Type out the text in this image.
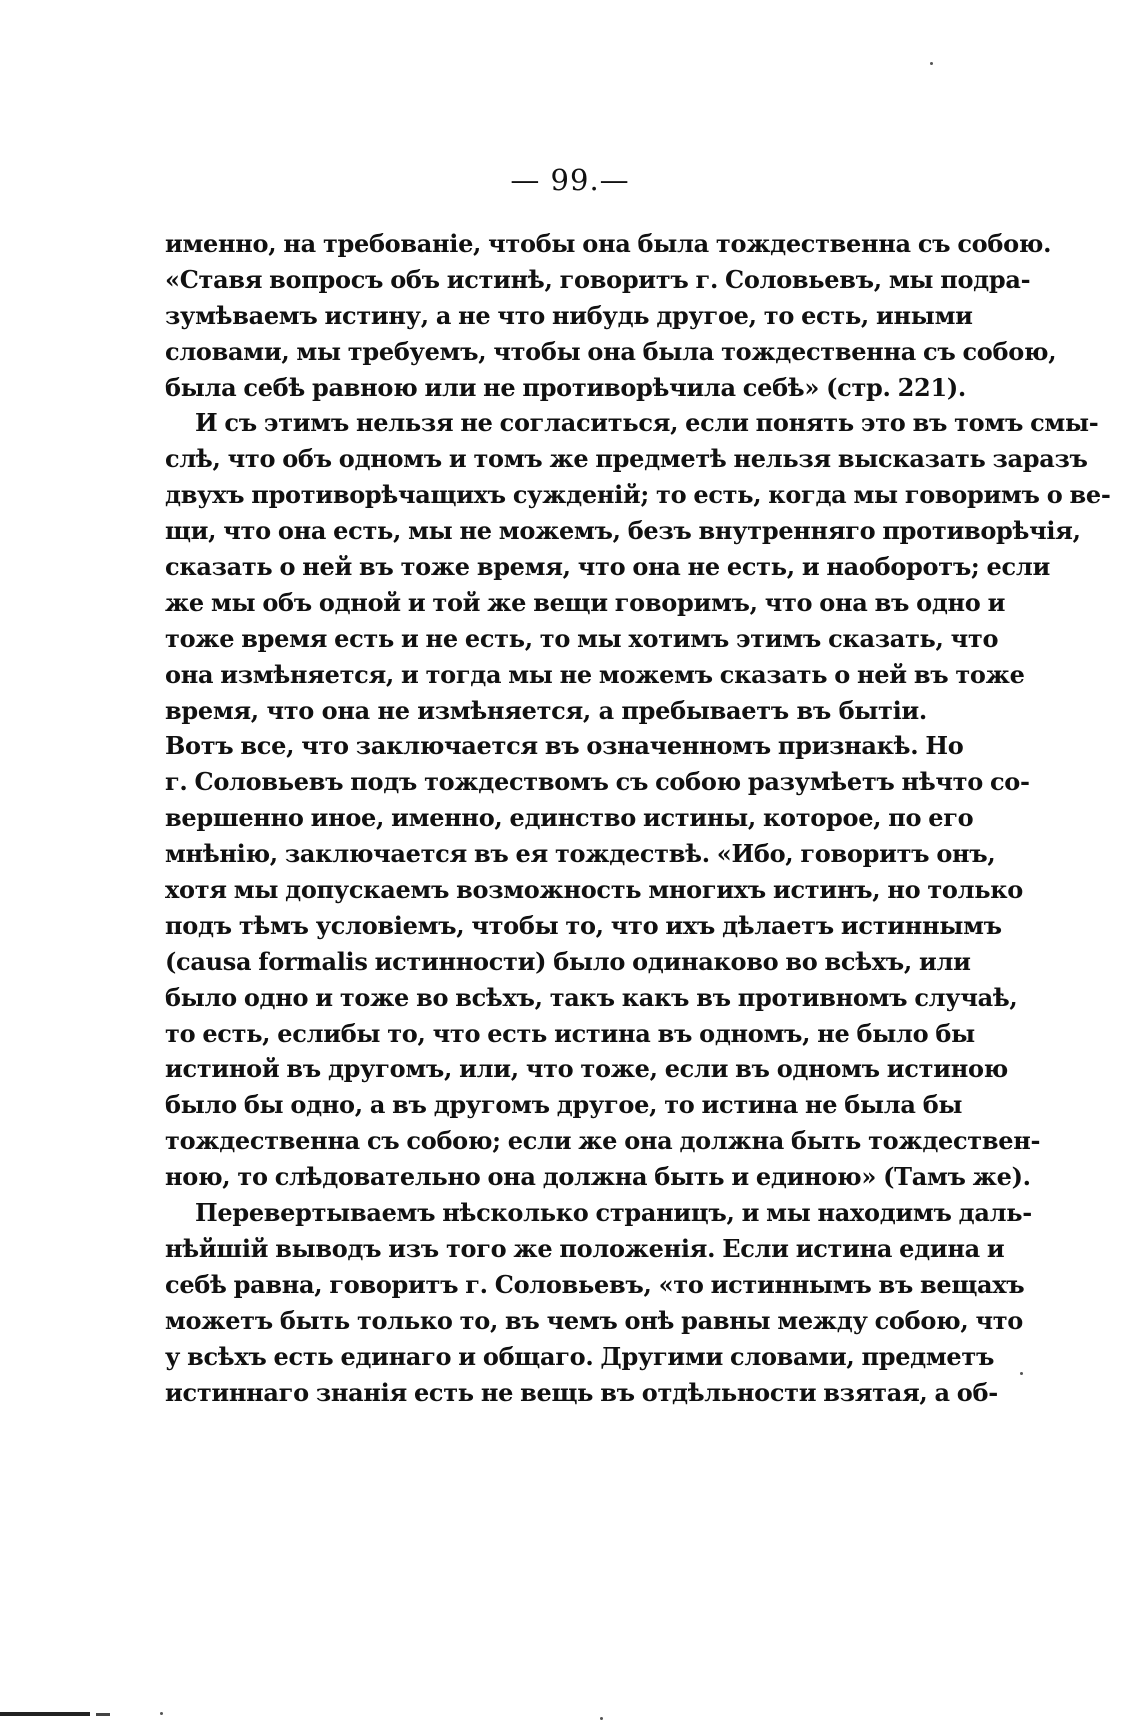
— 99.—
именно, на требованіе, чтобы она была тождественна съ собою.
«Ставя вопросъ объ истинѣ, говоритъ г. Соловьевъ, мы подра-
зумѣваемъ истину, а не что нибудь другое, то есть, иными
словами, мы требуемъ, чтобы она была тождественна съ собою,
была себѣ равною или не противорѣчила себѣ» (стр. 221).
И съ этимъ нельзя не согласиться, если понять это въ томъ смы-
слѣ, что объ одномъ и томъ же предметѣ нельзя высказать заразъ
двухъ противорѣчащихъ сужденій; то есть, когда мы говоримъ о ве-
щи, что она есть, мы не можемъ, безъ внутренняго противорѣчія,
сказать о ней въ тоже время, что она не есть, и наоборотъ; если
же мы объ одной и той же вещи говоримъ, что она въ одно и
тоже время есть и не есть, то мы хотимъ этимъ сказать, что
она измѣняется, и тогда мы не можемъ сказать о ней въ тоже
время, что она не измѣняется, а пребываетъ въ бытіи.
Вотъ все, что заключается въ означенномъ признакѣ. Но
г. Соловьевъ подъ тождествомъ съ собою разумѣетъ нѣчто со-
вершенно иное, именно, единство истины, которое, по его
мнѣнію, заключается въ ея тождествѣ. «Ибо, говоритъ онъ,
хотя мы допускаемъ возможность многихъ истинъ, но только
подъ тѣмъ условіемъ, чтобы то, что ихъ дѣлаетъ истиннымъ
(causa formalis истинности) было одинаково во всѣхъ, или
было одно и тоже во всѣхъ, такъ какъ въ противномъ случаѣ,
то есть, еслибы то, что есть истина въ одномъ, не было бы
истиной въ другомъ, или, что тоже, если въ одномъ истиною
было бы одно, а въ другомъ другое, то истина не была бы
тождественна съ собою; если же она должна быть тождествен-
ною, то слѣдовательно она должна быть и единою» (Тамъ же).
Перевертываемъ нѣсколько страницъ, и мы находимъ даль-
нѣйшій выводъ изъ того же положенія. Если истина едина и
себѣ равна, говоритъ г. Соловьевъ, «то истиннымъ въ вещахъ
можетъ быть только то, въ чемъ онѣ равны между собою, что
у всѣхъ есть единаго и общаго. Другими словами, предметъ
истиннаго знанія есть не вещь въ отдѣльности взятая, а об-
